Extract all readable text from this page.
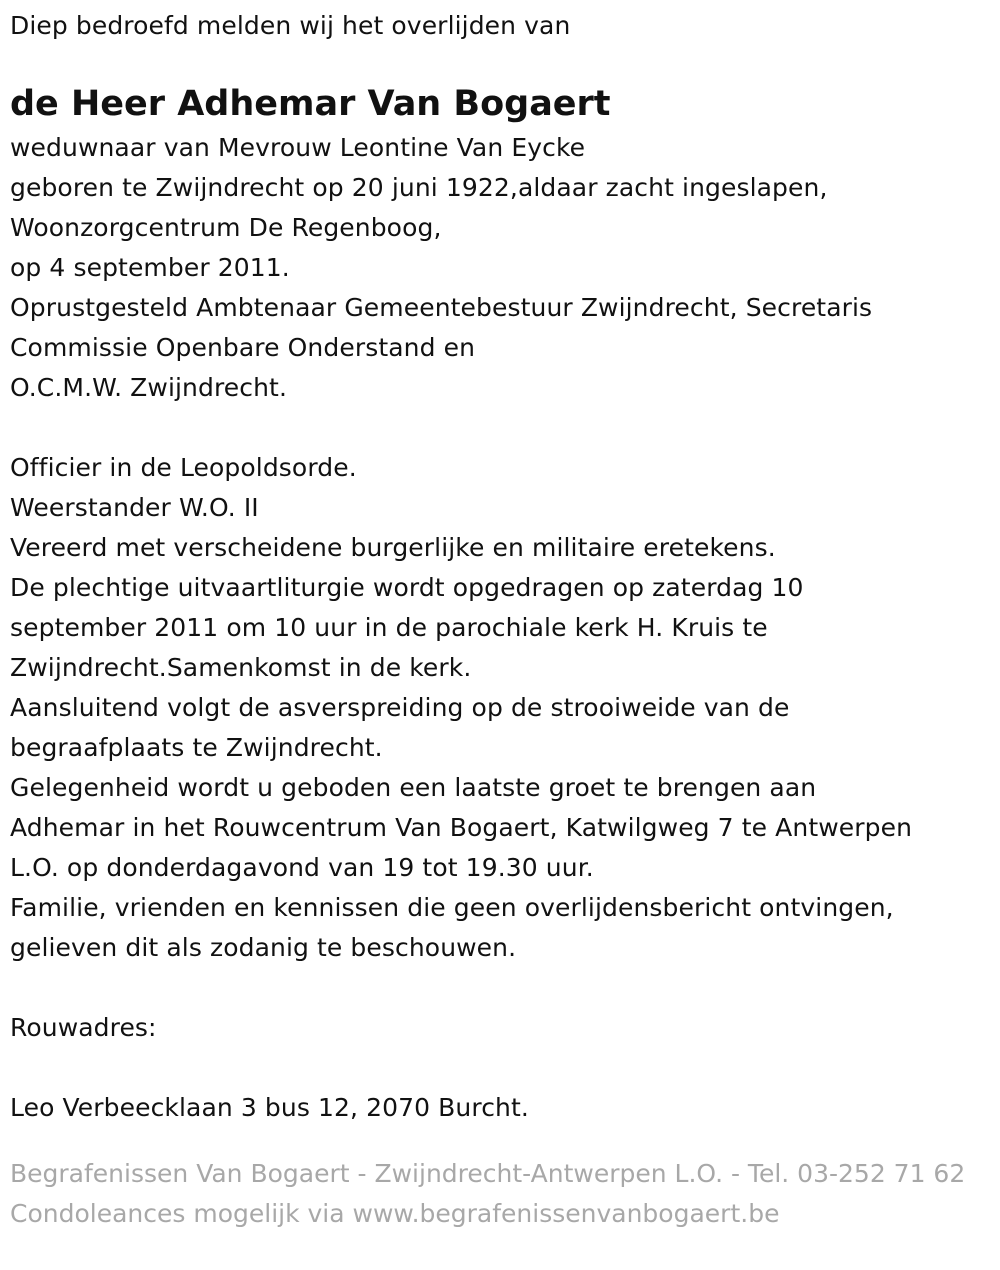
Diep bedroefd melden wij het overlijden van
de Heer Adhemar Van Bogaert
weduwnaar van Mevrouw Leontine Van Eycke
geboren te Zwijndrecht op 20 juni 1922,aldaar zacht ingeslapen,
Woonzorgcentrum De Regenboog,
op 4 september 2011.
Oprustgesteld Ambtenaar Gemeentebestuur Zwijndrecht, Secretaris
Commissie Openbare Onderstand en
O.C.M.W. Zwijndrecht.
Officier in de Leopoldsorde.
Weerstander W.O. II
Vereerd met verscheidene burgerlijke en militaire eretekens.
De plechtige uitvaartliturgie wordt opgedragen op zaterdag 10
september 2011 om 10 uur in de parochiale kerk H. Kruis te
Zwijndrecht.Samenkomst in de kerk.
Aansluitend volgt de asverspreiding op de strooiweide van de
begraafplaats te Zwijndrecht.
Gelegenheid wordt u geboden een laatste groet te brengen aan
Adhemar in het Rouwcentrum Van Bogaert, Katwilgweg 7 te Antwerpen
L.O. op donderdagavond van 19 tot 19.30 uur.
Familie, vrienden en kennissen die geen overlijdensbericht ontvingen,
gelieven dit als zodanig te beschouwen.
Rouwadres:
Leo Verbeecklaan 3 bus 12, 2070 Burcht.
Begrafenissen Van Bogaert - Zwijndrecht-Antwerpen L.O. - Tel. 03-252 71 62 Condoleances mogelijk via www.begrafenissenvanbogaert.be
